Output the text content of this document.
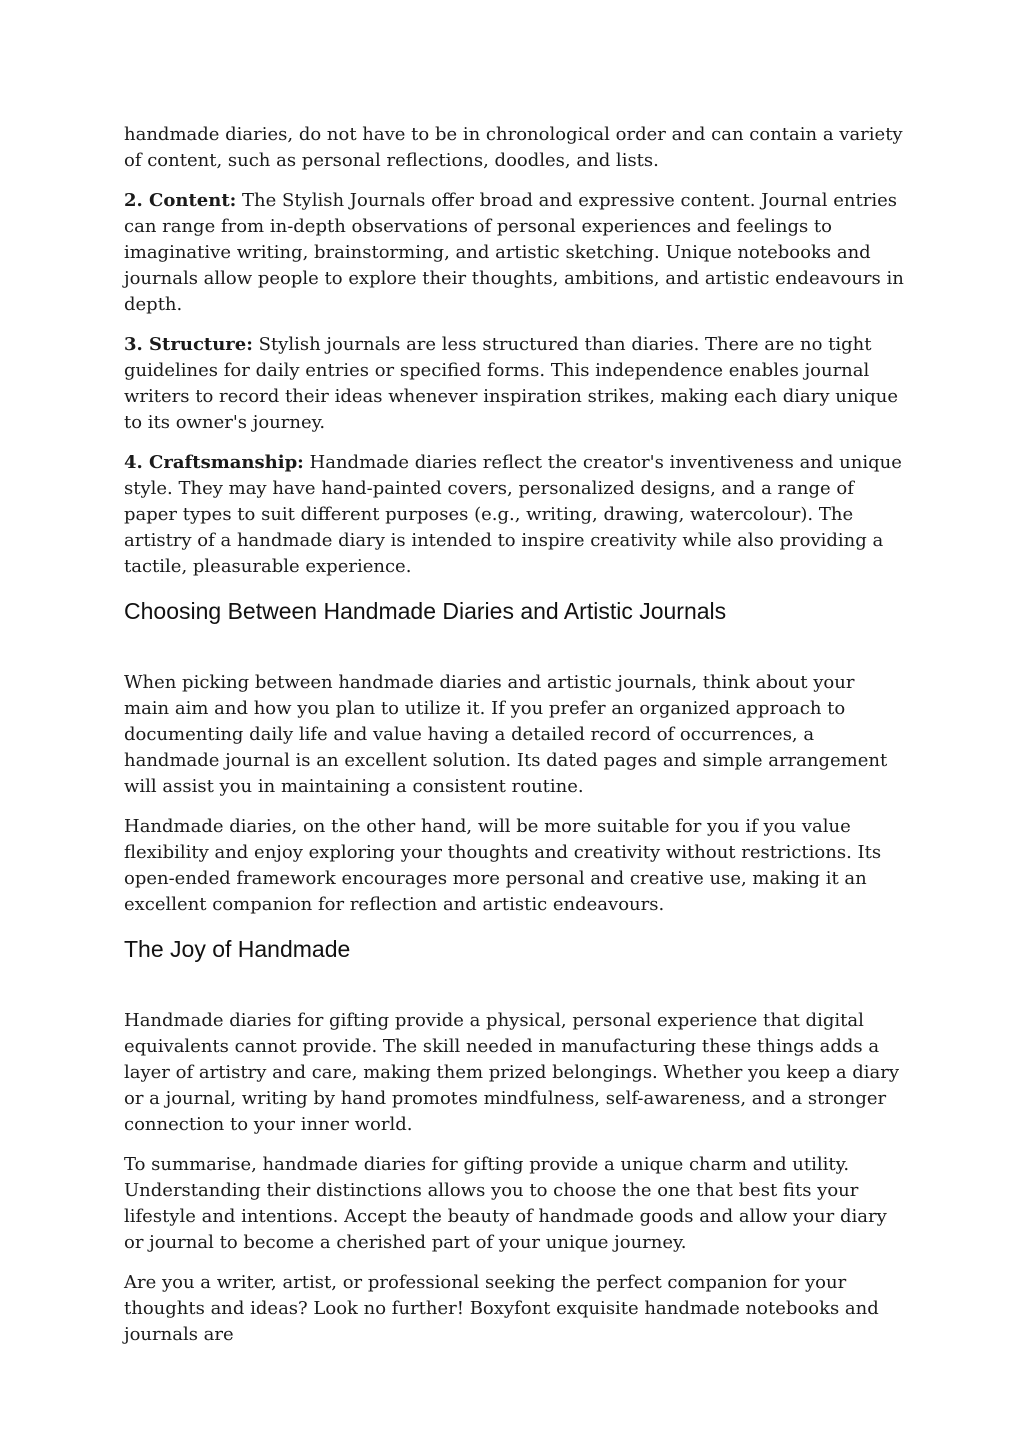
handmade diaries, do not have to be in chronological order and can contain a variety of content, such as personal reflections, doodles, and lists.

2. Content: The Stylish Journals offer broad and expressive content. Journal entries can range from in-depth observations of personal experiences and feelings to imaginative writing, brainstorming, and artistic sketching. Unique notebooks and journals allow people to explore their thoughts, ambitions, and artistic endeavours in depth.

3. Structure: Stylish journals are less structured than diaries. There are no tight guidelines for daily entries or specified forms. This independence enables journal writers to record their ideas whenever inspiration strikes, making each diary unique to its owner's journey.

4. Craftsmanship: Handmade diaries reflect the creator's inventiveness and unique style. They may have hand-painted covers, personalized designs, and a range of paper types to suit different purposes (e.g., writing, drawing, watercolour). The artistry of a handmade diary is intended to inspire creativity while also providing a tactile, pleasurable experience.

Choosing Between Handmade Diaries and Artistic Journals

When picking between handmade diaries and artistic journals, think about your main aim and how you plan to utilize it. If you prefer an organized approach to documenting daily life and value having a detailed record of occurrences, a handmade journal is an excellent solution. Its dated pages and simple arrangement will assist you in maintaining a consistent routine.

Handmade diaries, on the other hand, will be more suitable for you if you value flexibility and enjoy exploring your thoughts and creativity without restrictions. Its open-ended framework encourages more personal and creative use, making it an excellent companion for reflection and artistic endeavours.

The Joy of Handmade

Handmade diaries for gifting provide a physical, personal experience that digital equivalents cannot provide. The skill needed in manufacturing these things adds a layer of artistry and care, making them prized belongings. Whether you keep a diary or a journal, writing by hand promotes mindfulness, self-awareness, and a stronger connection to your inner world.

To summarise, handmade diaries for gifting provide a unique charm and utility. Understanding their distinctions allows you to choose the one that best fits your lifestyle and intentions. Accept the beauty of handmade goods and allow your diary or journal to become a cherished part of your unique journey.

Are you a writer, artist, or professional seeking the perfect companion for your thoughts and ideas? Look no further! Boxyfont exquisite handmade notebooks and journals are
